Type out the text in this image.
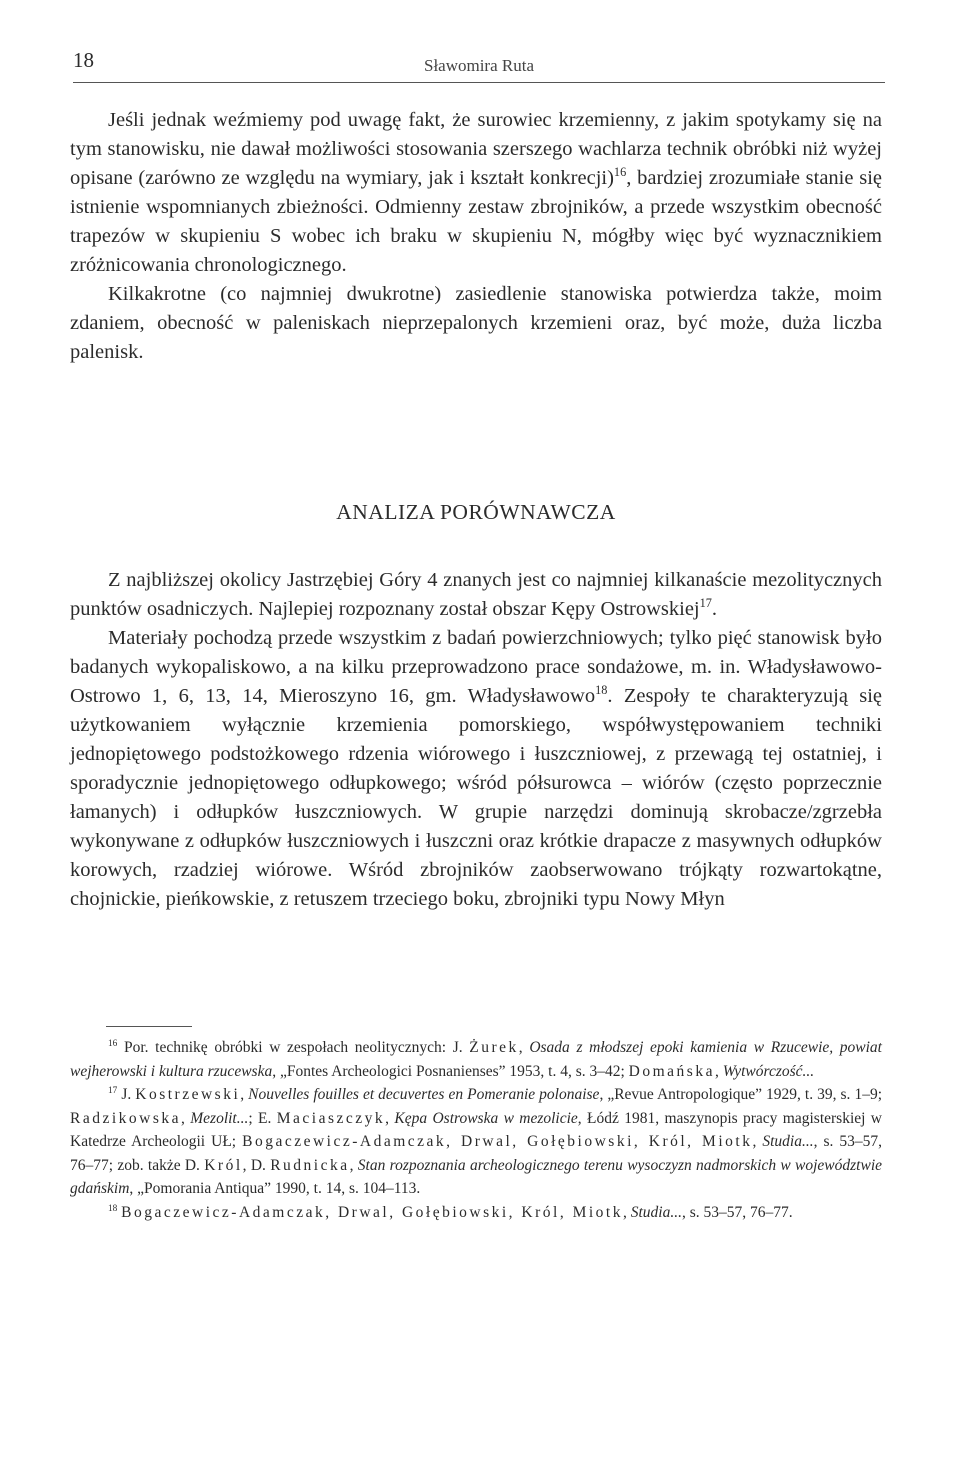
18	Sławomira Ruta

Jeśli jednak weźmiemy pod uwagę fakt, że surowiec krzemienny, z jakim spotykamy się na tym stanowisku, nie dawał możliwości stosowania szerszego wachlarza technik obróbki niż wyżej opisane (zarówno ze względu na wymiary, jak i kształt konkrecji)$^{16}$, bardziej zrozumiałe stanie się istnienie wspomnianych zbieżności. Odmienny zestaw zbrojników, a przede wszystkim obecność trapezów w skupieniu S wobec ich braku w skupieniu N, mógłby więc być wyznacznikiem zróżnicowania chronologicznego.

Kilkakrotne (co najmniej dwukrotne) zasiedlenie stanowiska potwierdza także, moim zdaniem, obecność w paleniskach nieprzepalonych krzemieni oraz, być może, duża liczba palenisk.

ANALIZA PORÓWNAWCZA

Z najbliższej okolicy Jastrzębiej Góry 4 znanych jest co najmniej kilkanaście mezolitycznych punktów osadniczych. Najlepiej rozpoznany został obszar Kępy Ostrowskiej$^{17}$.

Materiały pochodzą przede wszystkim z badań powierzchniowych; tylko pięć stanowisk było badanych wykopaliskowo, a na kilku przeprowadzono prace sondażowe, m. in. Władysławowo-Ostrowo 1, 6, 13, 14, Mieroszyno 16, gm. Władysławowo$^{18}$. Zespoły te charakteryzują się użytkowaniem wyłącznie krzemienia pomorskiego, współwystępowaniem techniki jednopiętowego podstożkowego rdzenia wiórowego i łuszczniowej, z przewagą tej ostatniej, i sporadycznie jednopiętowego odłupkowego; wśród półsurowca – wiórów (często poprzecznie łamanych) i odłupków łuszczniowych. W grupie narzędzi dominują skrobacze/zgrzebła wykonywane z odłupków łuszczniowych i łuszczni oraz krótkie drapacze z masywnych odłupków korowych, rzadziej wiórowe. Wśród zbrojników zaobserwowano trójkąty rozwartokątne, chojnickie, pieńkowskie, z retuszem trzeciego boku, zbrojniki typu Nowy Młyn

$^{16}$ Por. technikę obróbki w zespołach neolitycznych: J. Żurek, Osada z młodszej epoki kamienia w Rzucewie, powiat wejherowski i kultura rzucewska, „Fontes Archeologici Posnanienses” 1953, t. 4, s. 3–42; Domańska, Wytwórczość...

$^{17}$ J. Kostrzewski, Nouvelles fouilles et decuvertes en Pomeranie polonaise, „Revue Antropologique” 1929, t. 39, s. 1–9; Radzikowska, Mezolit...; E. Maciaszczyk, Kępa Ostrowska w mezolicie, Łódź 1981, maszynopis pracy magisterskiej w Katedrze Archeologii UŁ; Bogaczewicz-Adamczak, Drwal, Gołębiowski, Król, Miotk, Studia..., s. 53–57, 76–77; zob. także D. Król, D. Rudnicka, Stan rozpoznania archeologicznego terenu wysoczyzn nadmorskich w województwie gdańskim, „Pomorania Antiqua” 1990, t. 14, s. 104–113.

$^{18}$ Bogaczewicz-Adamczak, Drwal, Gołębiowski, Król, Miotk, Studia..., s. 53–57, 76–77.
